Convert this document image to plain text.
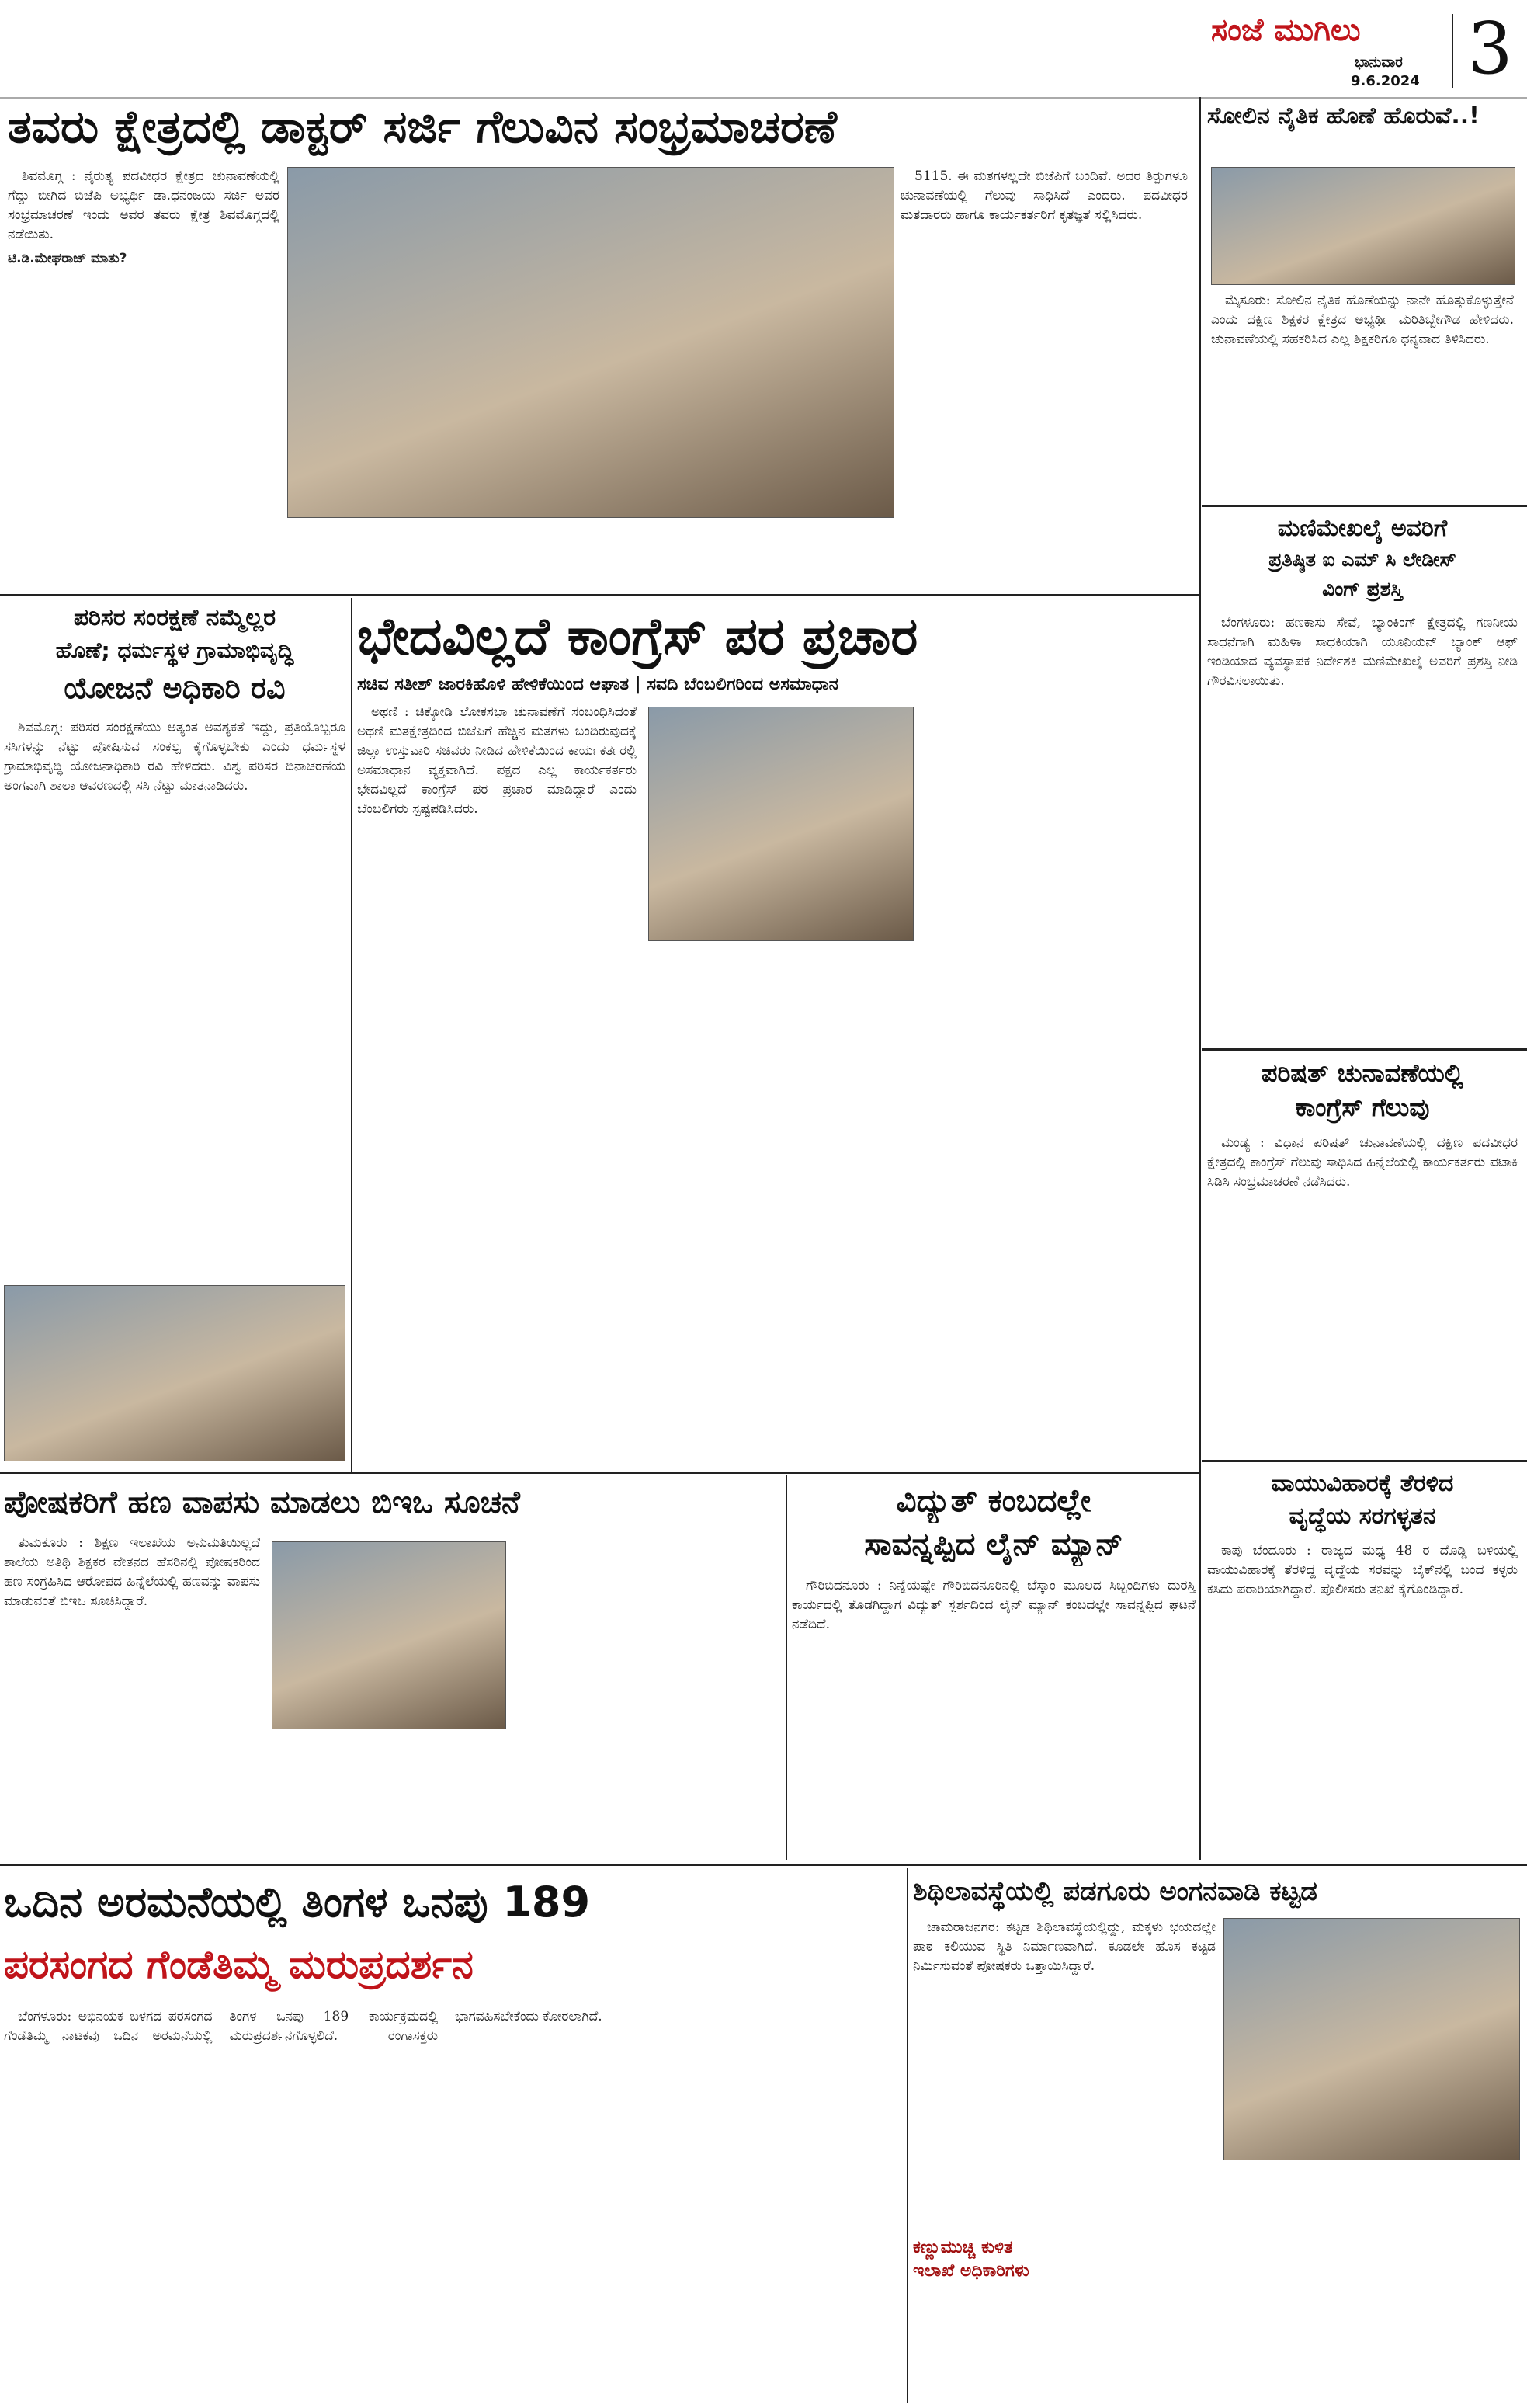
ಸಂಜೆ ಮುಗಿಲು
ಭಾನುವಾರ
9.6.2024 3
ತವರು ಕ್ಷೇತ್ರದಲ್ಲಿ ಡಾಕ್ಟರ್ ಸರ್ಜಿ ಗೆಲುವಿನ ಸಂಭ್ರಮಾಚರಣೆ

ಶಿವಮೊಗ್ಗ : ನೈರುತ್ಯ ಪದವೀಧರ ಕ್ಷೇತ್ರದ ಚುನಾವಣೆಯಲ್ಲಿ ಗೆದ್ದು ಬೀಗಿದ ಬಿಜೆಪಿ ಅಭ್ಯರ್ಥಿ ಡಾ.ಧನಂಜಯ ಸರ್ಜಿ ಅವರ ಸಂಭ್ರಮಾಚರಣೆ ಇಂದು ಅವರ ತವರು ಕ್ಷೇತ್ರ ಶಿವಮೊಗ್ಗದಲ್ಲಿ ನಡೆಯಿತು.

ಟಿ.ಡಿ.ಮೇಘರಾಜ್ ಮಾತು?

5115. ಈ ಮತಗಳಲ್ಲದೇ ಬಿಜೆಪಿಗೆ ಬಂದಿವೆ. ಅದರ ತಿರ್‍ಪುಗಳೂ ಚುನಾವಣೆಯಲ್ಲಿ ಗೆಲುವು ಸಾಧಿಸಿದೆ ಎಂದರು. ಪದವೀಧರ ಮತದಾರರು ಹಾಗೂ ಕಾರ್ಯಕರ್ತರಿಗೆ ಕೃತಜ್ಞತೆ ಸಲ್ಲಿಸಿದರು.

ಸೋಲಿನ ನೈತಿಕ ಹೊಣೆ ಹೊರುವೆ..!

ಮೈಸೂರು: ಸೋಲಿನ ನೈತಿಕ ಹೊಣೆಯನ್ನು ನಾನೇ ಹೊತ್ತುಕೊಳ್ಳುತ್ತೇನೆ ಎಂದು ದಕ್ಷಿಣ ಶಿಕ್ಷಕರ ಕ್ಷೇತ್ರದ ಅಭ್ಯರ್ಥಿ ಮರಿತಿಬ್ಬೇಗೌಡ ಹೇಳಿದರು. ಚುನಾವಣೆಯಲ್ಲಿ ಸಹಕರಿಸಿದ ಎಲ್ಲ ಶಿಕ್ಷಕರಿಗೂ ಧನ್ಯವಾದ ತಿಳಿಸಿದರು.

ಪರಿಸರ ಸಂರಕ್ಷಣೆ ನಮ್ಮೆಲ್ಲರ
ಹೊಣೆ; ಧರ್ಮಸ್ಥಳ ಗ್ರಾಮಾಭಿವೃದ್ಧಿ
ಯೋಜನೆ ಅಧಿಕಾರಿ ರವಿ

ಶಿವಮೊಗ್ಗ: ಪರಿಸರ ಸಂರಕ್ಷಣೆಯು ಅತ್ಯಂತ ಅವಶ್ಯಕತೆ ಇದ್ದು, ಪ್ರತಿಯೊಬ್ಬರೂ ಸಸಿಗಳನ್ನು ನೆಟ್ಟು ಪೋಷಿಸುವ ಸಂಕಲ್ಪ ಕೈಗೊಳ್ಳಬೇಕು ಎಂದು ಧರ್ಮಸ್ಥಳ ಗ್ರಾಮಾಭಿವೃದ್ಧಿ ಯೋಜನಾಧಿಕಾರಿ ರವಿ ಹೇಳಿದರು. ವಿಶ್ವ ಪರಿಸರ ದಿನಾಚರಣೆಯ ಅಂಗವಾಗಿ ಶಾಲಾ ಆವರಣದಲ್ಲಿ ಸಸಿ ನೆಟ್ಟು ಮಾತನಾಡಿದರು.

ಭೇದವಿಲ್ಲದೆ ಕಾಂಗ್ರೆಸ್ ಪರ ಪ್ರಚಾರ
ಸಚಿವ ಸತೀಶ್ ಜಾರಕಿಹೊಳಿ ಹೇಳಿಕೆಯಿಂದ ಆಘಾತ | ಸವದಿ ಬೆಂಬಲಿಗರಿಂದ ಅಸಮಾಧಾನ

ಅಥಣಿ : ಚಿಕ್ಕೋಡಿ ಲೋಕಸಭಾ ಚುನಾವಣೆಗೆ ಸಂಬಂಧಿಸಿದಂತೆ ಅಥಣಿ ಮತಕ್ಷೇತ್ರದಿಂದ ಬಿಜೆಪಿಗೆ ಹೆಚ್ಚಿನ ಮತಗಳು ಬಂದಿರುವುದಕ್ಕೆ ಜಿಲ್ಲಾ ಉಸ್ತುವಾರಿ ಸಚಿವರು ನೀಡಿದ ಹೇಳಿಕೆಯಿಂದ ಕಾರ್ಯಕರ್ತರಲ್ಲಿ ಅಸಮಾಧಾನ ವ್ಯಕ್ತವಾಗಿದೆ. ಪಕ್ಷದ ಎಲ್ಲ ಕಾರ್ಯಕರ್ತರು ಭೇದವಿಲ್ಲದೆ ಕಾಂಗ್ರೆಸ್ ಪರ ಪ್ರಚಾರ ಮಾಡಿದ್ದಾರೆ ಎಂದು ಬೆಂಬಲಿಗರು ಸ್ಪಷ್ಟಪಡಿಸಿದರು.

ಮಣಿಮೇಖಲೈ ಅವರಿಗೆ
ಪ್ರತಿಷ್ಠಿತ ಐ ಎಮ್ ಸಿ ಲೇಡೀಸ್
ವಿಂಗ್ ಪ್ರಶಸ್ತಿ

ಬೆಂಗಳೂರು: ಹಣಕಾಸು ಸೇವೆ, ಬ್ಯಾಂಕಿಂಗ್ ಕ್ಷೇತ್ರದಲ್ಲಿ ಗಣನೀಯ ಸಾಧನೆಗಾಗಿ ಮಹಿಳಾ ಸಾಧಕಿಯಾಗಿ ಯೂನಿಯನ್ ಬ್ಯಾಂಕ್ ಆಫ್ ಇಂಡಿಯಾದ ವ್ಯವಸ್ಥಾಪಕ ನಿರ್ದೇಶಕಿ ಮಣಿಮೇಖಲೈ ಅವರಿಗೆ ಪ್ರಶಸ್ತಿ ನೀಡಿ ಗೌರವಿಸಲಾಯಿತು.

ಪರಿಷತ್ ಚುನಾವಣೆಯಲ್ಲಿ
ಕಾಂಗ್ರೆಸ್ ಗೆಲುವು

ಮಂಡ್ಯ : ವಿಧಾನ ಪರಿಷತ್ ಚುನಾವಣೆಯಲ್ಲಿ ದಕ್ಷಿಣ ಪದವೀಧರ ಕ್ಷೇತ್ರದಲ್ಲಿ ಕಾಂಗ್ರೆಸ್ ಗೆಲುವು ಸಾಧಿಸಿದ ಹಿನ್ನೆಲೆಯಲ್ಲಿ ಕಾರ್ಯಕರ್ತರು ಪಟಾಕಿ ಸಿಡಿಸಿ ಸಂಭ್ರಮಾಚರಣೆ ನಡೆಸಿದರು.

ವಾಯುವಿಹಾರಕ್ಕೆ ತೆರಳಿದ
ವೃದ್ಧೆಯ ಸರಗಳ್ಳತನ

ಕಾಪು ಬೆಂದೂರು : ರಾಜ್ಯದ ಮಧ್ಯ 48 ರ ದೊಡ್ಡಿ ಬಳಿಯಲ್ಲಿ ವಾಯುವಿಹಾರಕ್ಕೆ ತೆರಳಿದ್ದ ವೃದ್ಧೆಯ ಸರವನ್ನು ಬೈಕ್‌ನಲ್ಲಿ ಬಂದ ಕಳ್ಳರು ಕಸಿದು ಪರಾರಿಯಾಗಿದ್ದಾರೆ. ಪೊಲೀಸರು ತನಿಖೆ ಕೈಗೊಂಡಿದ್ದಾರೆ.

ಪೋಷಕರಿಗೆ ಹಣ ವಾಪಸು ಮಾಡಲು ಬಿಇಒ ಸೂಚನೆ

ತುಮಕೂರು : ಶಿಕ್ಷಣ ಇಲಾಖೆಯ ಅನುಮತಿಯಿಲ್ಲದೆ ಶಾಲೆಯ ಅತಿಥಿ ಶಿಕ್ಷಕರ ವೇತನದ ಹೆಸರಿನಲ್ಲಿ ಪೋಷಕರಿಂದ ಹಣ ಸಂಗ್ರಹಿಸಿದ ಆರೋಪದ ಹಿನ್ನೆಲೆಯಲ್ಲಿ ಹಣವನ್ನು ವಾಪಸು ಮಾಡುವಂತೆ ಬಿಇಒ ಸೂಚಿಸಿದ್ದಾರೆ.

ವಿದ್ಯುತ್ ಕಂಬದಲ್ಲೇ
ಸಾವನ್ನಪ್ಪಿದ ಲೈನ್ ಮ್ಯಾನ್

ಗೌರಿಬಿದನೂರು : ನಿನ್ನೆಯಷ್ಟೇ ಗೌರಿಬಿದನೂರಿನಲ್ಲಿ ಬೆಸ್ಕಾಂ ಮೂಲದ ಸಿಬ್ಬಂದಿಗಳು ದುರಸ್ತಿ ಕಾರ್ಯದಲ್ಲಿ ತೊಡಗಿದ್ದಾಗ ವಿದ್ಯುತ್ ಸ್ಪರ್ಶದಿಂದ ಲೈನ್ ಮ್ಯಾನ್ ಕಂಬದಲ್ಲೇ ಸಾವನ್ನಪ್ಪಿದ ಘಟನೆ ನಡೆದಿದೆ.

ಒದಿನ ಅರಮನೆಯಲ್ಲಿ ತಿಂಗಳ ಒನಪು 189
ಪರಸಂಗದ ಗೆಂಡೆತಿಮ್ಮ ಮರುಪ್ರದರ್ಶನ

ಬೆಂಗಳೂರು: ಅಭಿನಯಕ ಬಳಗದ ಪರಸಂಗದ ಗೆಂಡೆತಿಮ್ಮ ನಾಟಕವು ಒದಿನ ಅರಮನೆಯಲ್ಲಿ ತಿಂಗಳ ಒನಪು 189 ಕಾರ್ಯಕ್ರಮದಲ್ಲಿ ಮರುಪ್ರದರ್ಶನಗೊಳ್ಳಲಿದೆ. ರಂಗಾಸಕ್ತರು ಭಾಗವಹಿಸಬೇಕೆಂದು ಕೋರಲಾಗಿದೆ.

ಶಿಥಿಲಾವಸ್ಥೆಯಲ್ಲಿ ಪಡಗೂರು ಅಂಗನವಾಡಿ ಕಟ್ಟಡ

ಚಾಮರಾಜನಗರ: ಕಟ್ಟಡ ಶಿಥಿಲಾವಸ್ಥೆಯಲ್ಲಿದ್ದು, ಮಕ್ಕಳು ಭಯದಲ್ಲೇ ಪಾಠ ಕಲಿಯುವ ಸ್ಥಿತಿ ನಿರ್ಮಾಣವಾಗಿದೆ. ಕೂಡಲೇ ಹೊಸ ಕಟ್ಟಡ ನಿರ್ಮಿಸುವಂತೆ ಪೋಷಕರು ಒತ್ತಾಯಿಸಿದ್ದಾರೆ.

ಕಣ್ಣುಮುಚ್ಚಿ ಕುಳಿತ ಇಲಾಖೆ ಅಧಿಕಾರಿಗಳು
